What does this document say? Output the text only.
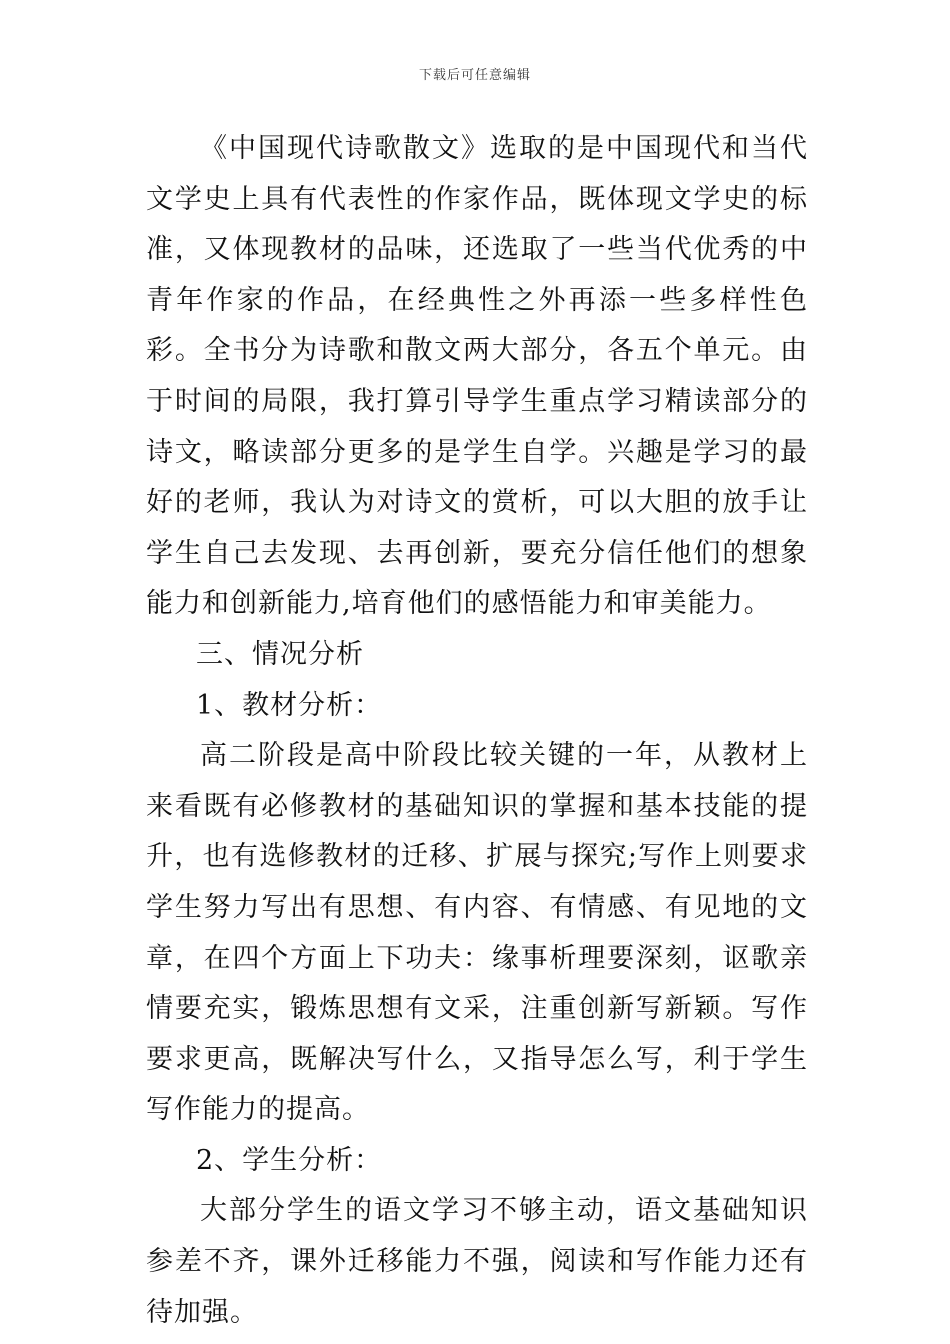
下载后可任意编辑

《中国现代诗歌散文》选取的是中国现代和当代文学史上具有代表性的作家作品，既体现文学史的标准，又体现教材的品味，还选取了一些当代优秀的中青年作家的作品，在经典性之外再添一些多样性色彩。全书分为诗歌和散文两大部分，各五个单元。由于时间的局限，我打算引导学生重点学习精读部分的诗文，略读部分更多的是学生自学。兴趣是学习的最好的老师，我认为对诗文的赏析，可以大胆的放手让学生自己去发现、去再创新，要充分信任他们的想象能力和创新能力,培育他们的感悟能力和审美能力。

三、情况分析

1、教材分析：

高二阶段是高中阶段比较关键的一年，从教材上来看既有必修教材的基础知识的掌握和基本技能的提升，也有选修教材的迁移、扩展与探究;写作上则要求学生努力写出有思想、有内容、有情感、有见地的文章，在四个方面上下功夫：缘事析理要深刻，讴歌亲情要充实，锻炼思想有文采，注重创新写新颖。写作要求更高，既解决写什么，又指导怎么写，利于学生写作能力的提高。

2、学生分析：

大部分学生的语文学习不够主动，语文基础知识参差不齐，课外迁移能力不强，阅读和写作能力还有待加强。
